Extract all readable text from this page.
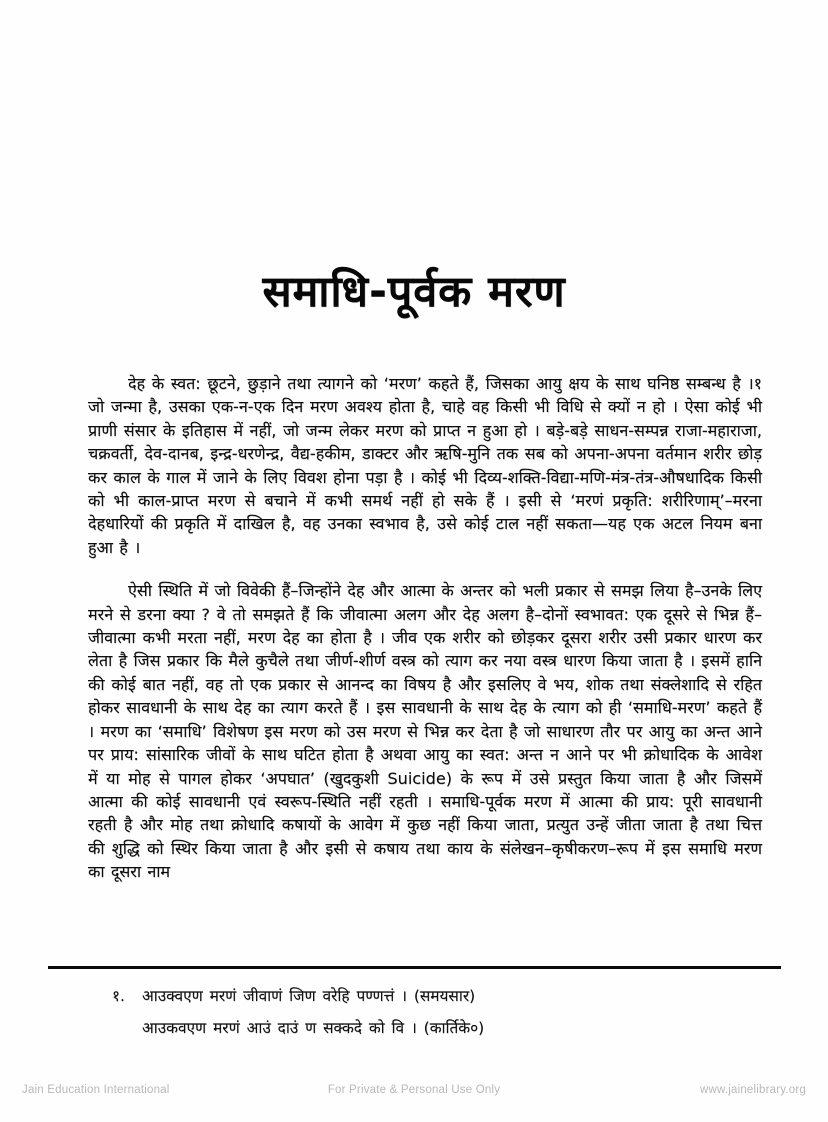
समाधि-पूर्वक मरण

देह के स्वत: छूटने, छुड़ाने तथा त्यागने को ‘मरण’ कहते हैं, जिसका आयु क्षय के साथ घनिष्ठ सम्बन्ध है ।१ जो जन्मा है, उसका एक-न-एक दिन मरण अवश्य होता है, चाहे वह किसी भी विधि से क्यों न हो । ऐसा कोई भी प्राणी संसार के इतिहास में नहीं, जो जन्म लेकर मरण को प्राप्त न हुआ हो । बड़े-बड़े साधन-सम्पन्न राजा-महाराजा, चक्रवर्ती, देव-दानब, इन्द्र-धरणेन्द्र, वैद्य-हकीम, डाक्टर और ऋषि-मुनि तक सब को अपना-अपना वर्तमान शरीर छोड़ कर काल के गाल में जाने के लिए विवश होना पड़ा है । कोई भी दिव्य-शक्ति-विद्या-मणि-मंत्र-तंत्र-औषधादिक किसी को भी काल-प्राप्त मरण से बचाने में कभी समर्थ नहीं हो सके हैं । इसी से ‘मरणं प्रकृति: शरीरिणाम्’–मरना देहधारियों की प्रकृति में दाखिल है, वह उनका स्वभाव है, उसे कोई टाल नहीं सकता—यह एक अटल नियम बना हुआ है ।

ऐसी स्थिति में जो विवेकी हैं–जिन्होंने देह और आत्मा के अन्तर को भली प्रकार से समझ लिया है–उनके लिए मरने से डरना क्या ? वे तो समझते हैं कि जीवात्मा अलग और देह अलग है–दोनों स्वभावत: एक दूसरे से भिन्न हैं–जीवात्मा कभी मरता नहीं, मरण देह का होता है । जीव एक शरीर को छोड़कर दूसरा शरीर उसी प्रकार धारण कर लेता है जिस प्रकार कि मैले कुचैले तथा जीर्ण-शीर्ण वस्त्र को त्याग कर नया वस्त्र धारण किया जाता है । इसमें हानि की कोई बात नहीं, वह तो एक प्रकार से आनन्द का विषय है और इसलिए वे भय, शोक तथा संक्लेशादि से रहित होकर सावधानी के साथ देह का त्याग करते हैं । इस सावधानी के साथ देह के त्याग को ही ‘समाधि-मरण’ कहते हैं । मरण का ‘समाधि’ विशेषण इस मरण को उस मरण से भिन्न कर देता है जो साधारण तौर पर आयु का अन्त आने पर प्राय: सांसारिक जीवों के साथ घटित होता है अथवा आयु का स्वत: अन्त न आने पर भी क्रोधादिक के आवेश में या मोह से पागल होकर ‘अपघात’ (खुदकुशी Suicide) के रूप में उसे प्रस्तुत किया जाता है और जिसमें आत्मा की कोई सावधानी एवं स्वरूप-स्थिति नहीं रहती । समाधि-पूर्वक मरण में आत्मा की प्राय: पूरी सावधानी रहती है और मोह तथा क्रोधादि कषायों के आवेग में कुछ नहीं किया जाता, प्रत्युत उन्हें जीता जाता है तथा चित्त की शुद्धि को स्थिर किया जाता है और इसी से कषाय तथा काय के संलेखन–कृषीकरण–रूप में इस समाधि मरण का दूसरा नाम

१. आउक्वएण मरणं जीवाणं जिण वरेहि पण्णत्तं । (समयसार)
आउकवएण मरणं आउं दाउं ण सक्कदे को वि । (कार्तिके०)
Jain Education International	For Private & Personal Use Only	www.jainelibrary.org
